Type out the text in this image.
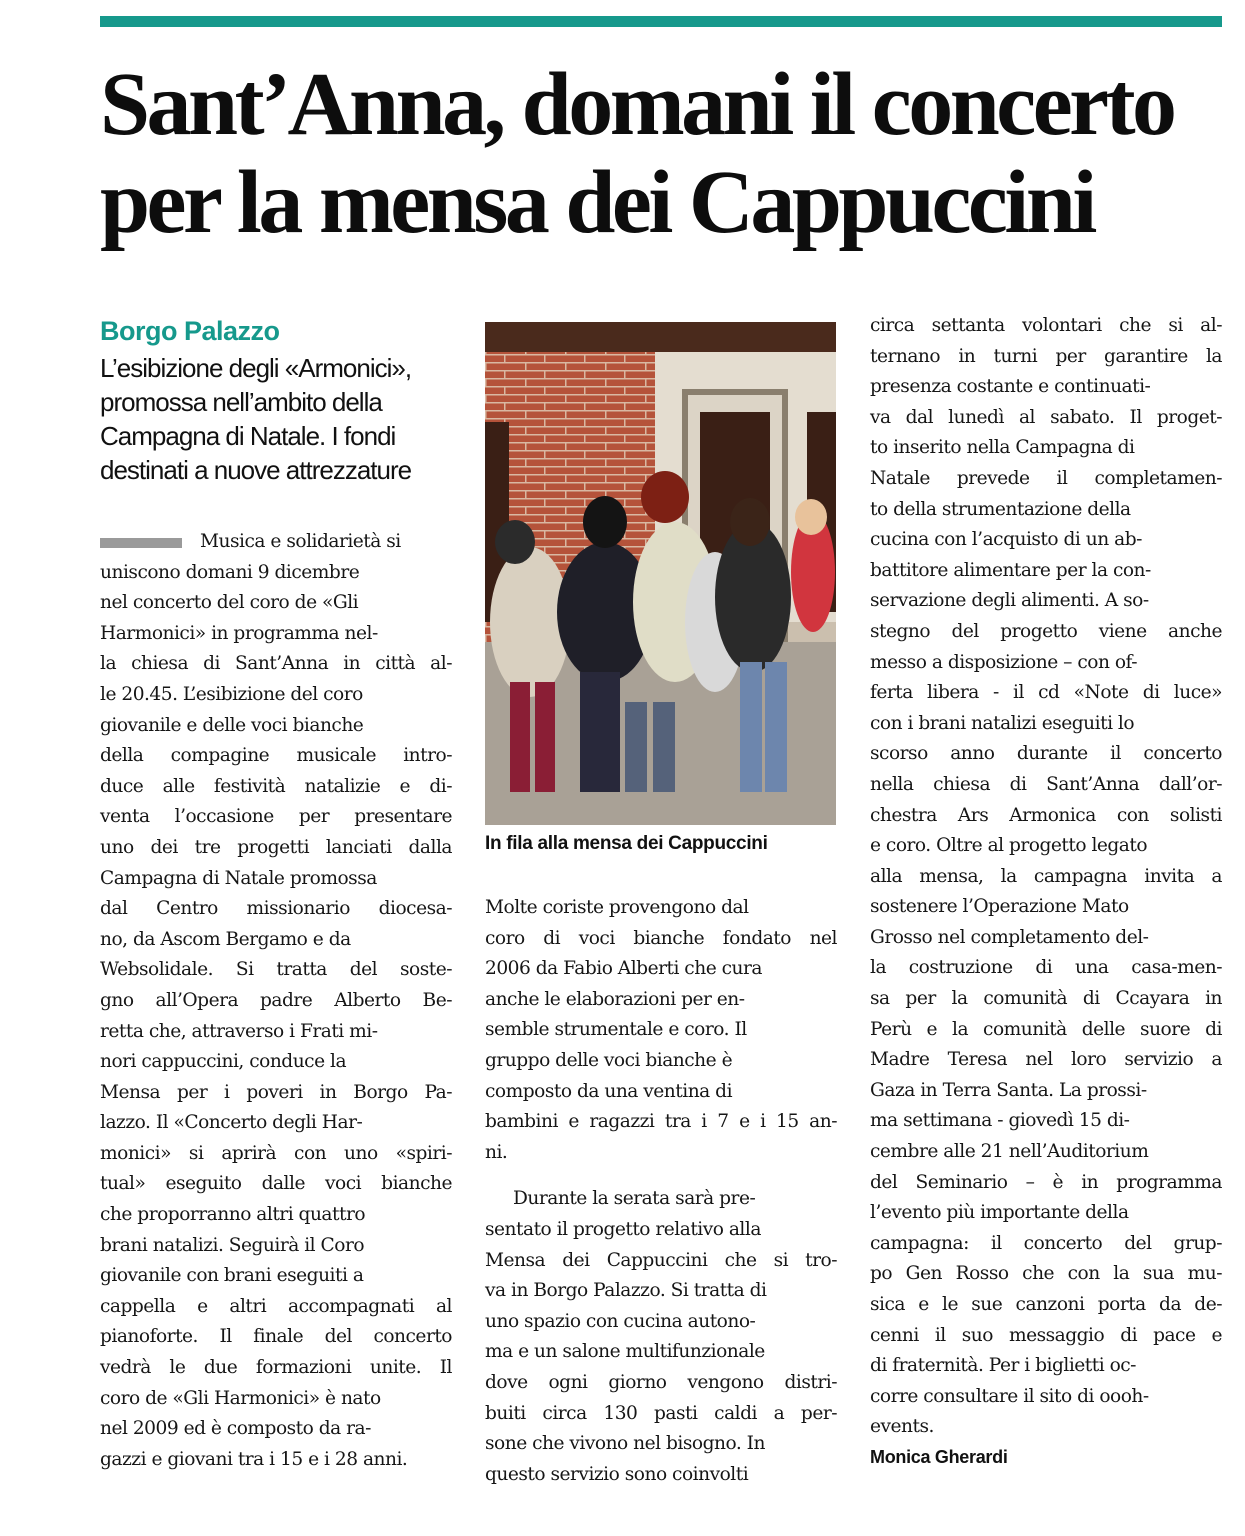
Sant’Anna, domani il concerto
per la mensa dei Cappuccini

Borgo Palazzo

L’esibizione degli «Armonici»,
promossa nell’ambito della
Campagna di Natale. I fondi
destinati a nuove attrezzature

Musica e solidarietà si
uniscono domani 9 dicembre
nel concerto del coro de «Gli
Harmonici» in programma nel-
la chiesa di Sant’Anna in città al-
le 20.45. L’esibizione del coro
giovanile e delle voci bianche
della compagine musicale intro-
duce alle festività natalizie e di-
venta l’occasione per presentare
uno dei tre progetti lanciati dalla
Campagna di Natale promossa
dal Centro missionario diocesa-
no, da Ascom Bergamo e da
Websolidale. Si tratta del soste-
gno all’Opera padre Alberto Be-
retta che, attraverso i Frati mi-
nori cappuccini, conduce la
Mensa per i poveri in Borgo Pa-
lazzo. Il «Concerto degli Har-
monici» si aprirà con uno «spiri-
tual» eseguito dalle voci bianche
che proporranno altri quattro
brani natalizi. Seguirà il Coro
giovanile con brani eseguiti a
cappella e altri accompagnati al
pianoforte. Il finale del concerto
vedrà le due formazioni unite. Il
coro de «Gli Harmonici» è nato
nel 2009 ed è composto da ra-
gazzi e giovani tra i 15 e i 28 anni.

In fila alla mensa dei Cappuccini

Molte coriste provengono dal
coro di voci bianche fondato nel
2006 da Fabio Alberti che cura
anche le elaborazioni per en-
semble strumentale e coro. Il
gruppo delle voci bianche è
composto da una ventina di
bambini e ragazzi tra i 7 e i 15 an-
ni.
Durante la serata sarà pre-
sentato il progetto relativo alla
Mensa dei Cappuccini che si tro-
va in Borgo Palazzo. Si tratta di
uno spazio con cucina autono-
ma e un salone multifunzionale
dove ogni giorno vengono distri-
buiti circa 130 pasti caldi a per-
sone che vivono nel bisogno. In
questo servizio sono coinvolti
circa settanta volontari che si al-
ternano in turni per garantire la
presenza costante e continuati-
va dal lunedì al sabato. Il proget-
to inserito nella Campagna di
Natale prevede il completamen-
to della strumentazione della
cucina con l’acquisto di un ab-
battitore alimentare per la con-
servazione degli alimenti. A so-
stegno del progetto viene anche
messo a disposizione – con of-
ferta libera - il cd «Note di luce»
con i brani natalizi eseguiti lo
scorso anno durante il concerto
nella chiesa di Sant’Anna dall’or-
chestra Ars Armonica con solisti
e coro. Oltre al progetto legato
alla mensa, la campagna invita a
sostenere l’Operazione Mato
Grosso nel completamento del-
la costruzione di una casa-men-
sa per la comunità di Ccayara in
Perù e la comunità delle suore di
Madre Teresa nel loro servizio a
Gaza in Terra Santa. La prossi-
ma settimana - giovedì 15 di-
cembre alle 21 nell’Auditorium
del Seminario – è in programma
l’evento più importante della
campagna: il concerto del grup-
po Gen Rosso che con la sua mu-
sica e le sue canzoni porta da de-
cenni il suo messaggio di pace e
di fraternità. Per i biglietti oc-
corre consultare il sito di oooh-
events.

Monica Gherardi
